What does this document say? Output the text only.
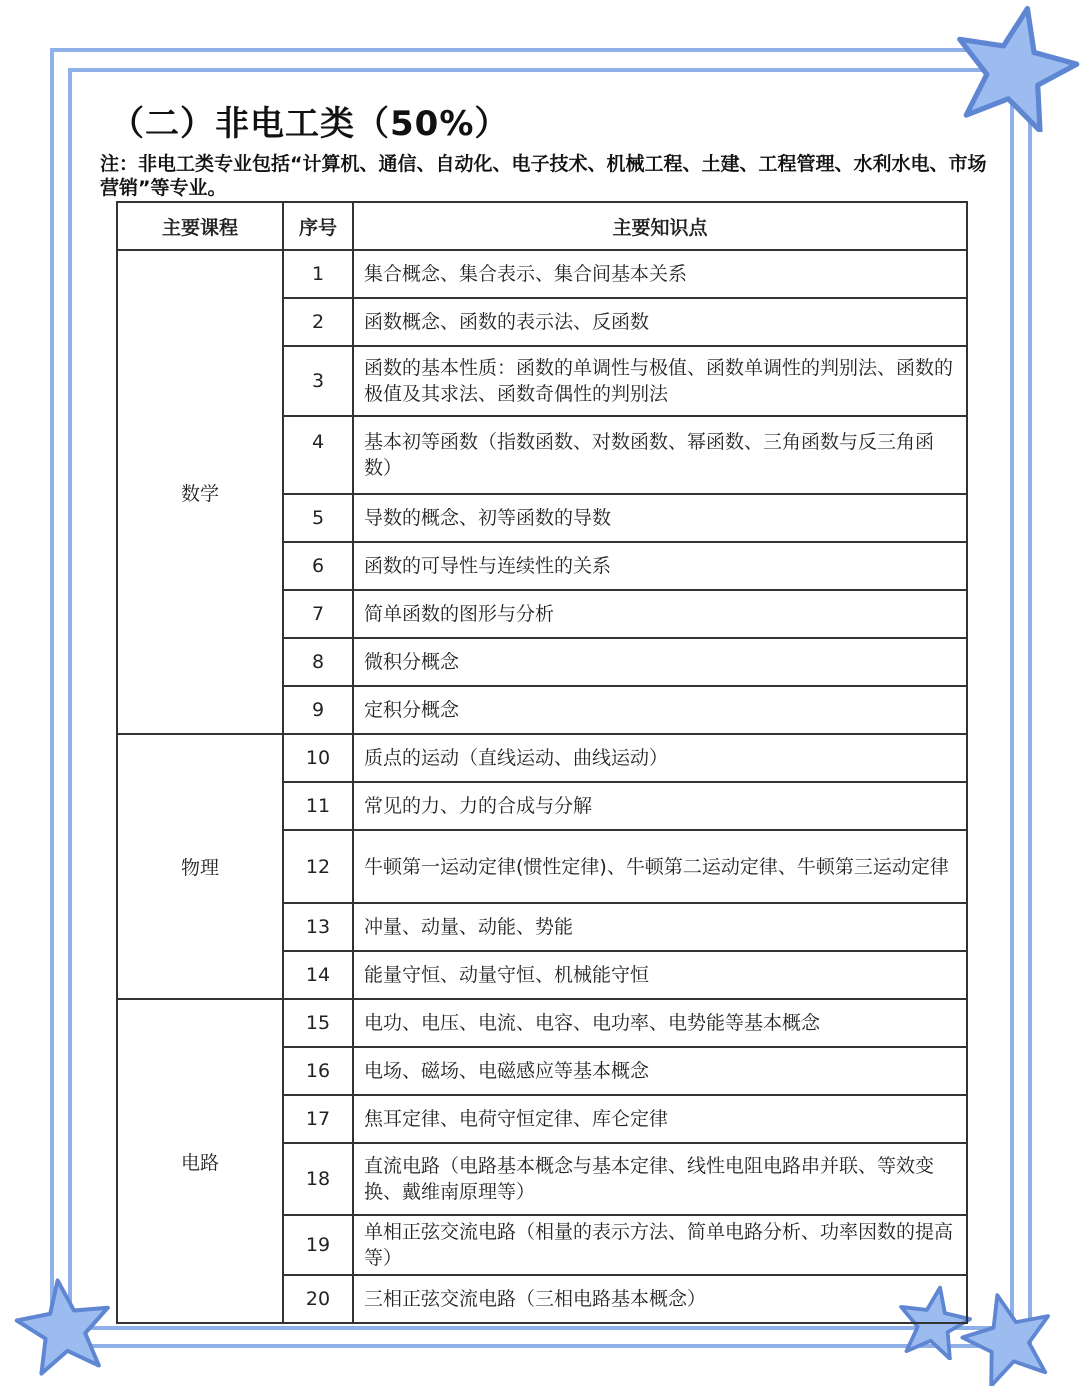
（二）非电工类（50%）
注：非电工类专业包括“计算机、通信、自动化、电子技术、机械工程、土建、工程管理、水利水电、市场营销”等专业。
主要课程	序号	主要知识点
数学	1	集合概念、集合表示、集合间基本关系
	2	函数概念、函数的表示法、反函数
	3	函数的基本性质：函数的单调性与极值、函数单调性的判别法、函数的极值及其求法、函数奇偶性的判别法
	4	基本初等函数（指数函数、对数函数、幂函数、三角函数与反三角函数）
	5	导数的概念、初等函数的导数
	6	函数的可导性与连续性的关系
	7	简单函数的图形与分析
	8	微积分概念
	9	定积分概念
物理	10	质点的运动（直线运动、曲线运动）
	11	常见的力、力的合成与分解
	12	牛顿第一运动定律(惯性定律)、牛顿第二运动定律、牛顿第三运动定律
	13	冲量、动量、动能、势能
	14	能量守恒、动量守恒、机械能守恒
电路	15	电功、电压、电流、电容、电功率、电势能等基本概念
	16	电场、磁场、电磁感应等基本概念
	17	焦耳定律、电荷守恒定律、库仑定律
	18	直流电路（电路基本概念与基本定律、线性电阻电路串并联、等效变换、戴维南原理等）
	19	单相正弦交流电路（相量的表示方法、简单电路分析、功率因数的提高等）
	20	三相正弦交流电路（三相电路基本概念）
